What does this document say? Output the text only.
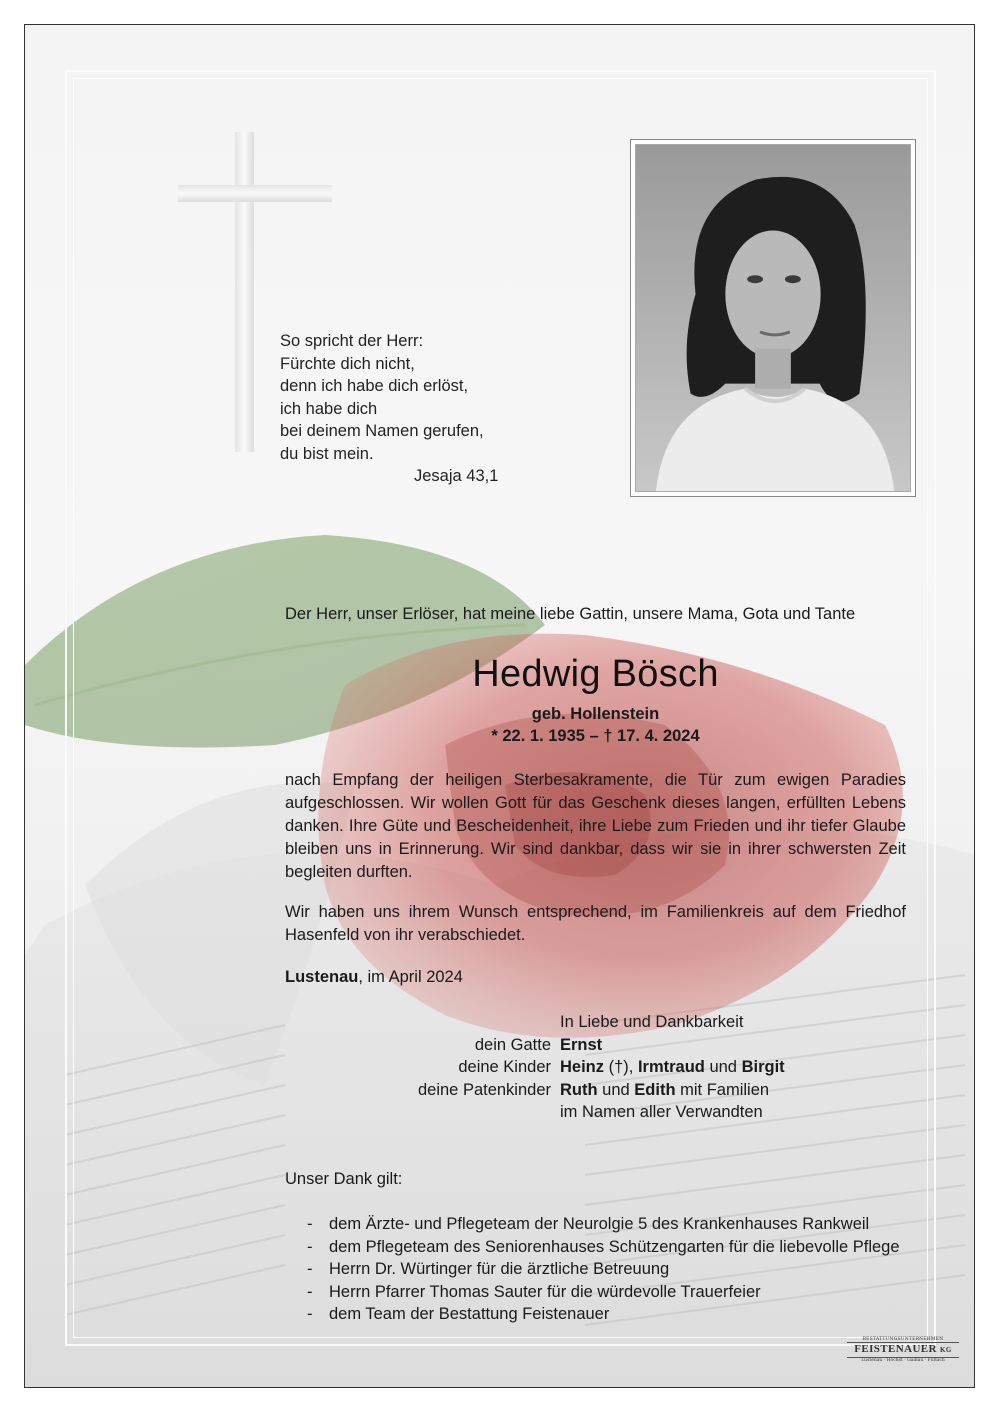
So spricht der Herr:
Fürchte dich nicht,
denn ich habe dich erlöst,
ich habe dich
bei deinem Namen gerufen,
du bist mein.
Jesaja 43,1
Der Herr, unser Erlöser, hat meine liebe Gattin, unsere Mama, Gota und Tante
Hedwig Bösch
geb. Hollenstein
* 22. 1. 1935 – † 17. 4. 2024
nach Empfang der heiligen Sterbesakramente, die Tür zum ewigen Paradies aufgeschlossen. Wir wollen Gott für das Geschenk dieses langen, erfüllten Lebens danken. Ihre Güte und Bescheidenheit, ihre Liebe zum Frieden und ihr tiefer Glaube bleiben uns in Erinnerung. Wir sind dankbar, dass wir sie in ihrer schwersten Zeit begleiten durften.
Wir haben uns ihrem Wunsch entsprechend, im Familienkreis auf dem Friedhof Hasenfeld von ihr verabschiedet.
Lustenau, im April 2024
In Liebe und Dankbarkeit
dein Gatte Ernst
deine Kinder Heinz (†), Irmtraud und Birgit
deine Patenkinder Ruth und Edith mit Familien
im Namen aller Verwandten
Unser Dank gilt:
-	dem Ärzte- und Pflegeteam der Neurolgie 5 des Krankenhauses Rankweil
-	dem Pflegeteam des Seniorenhauses Schützengarten für die liebevolle Pflege
-	Herrn Dr. Würtinger für die ärztliche Betreuung
-	Herrn Pfarrer Thomas Sauter für die würdevolle Trauerfeier
-	dem Team der Bestattung Feistenauer
BESTATTUNGSUNTERNEHMEN
FEISTENAUER KG
Lustenau · Höchst · Gaißau · Fußach
